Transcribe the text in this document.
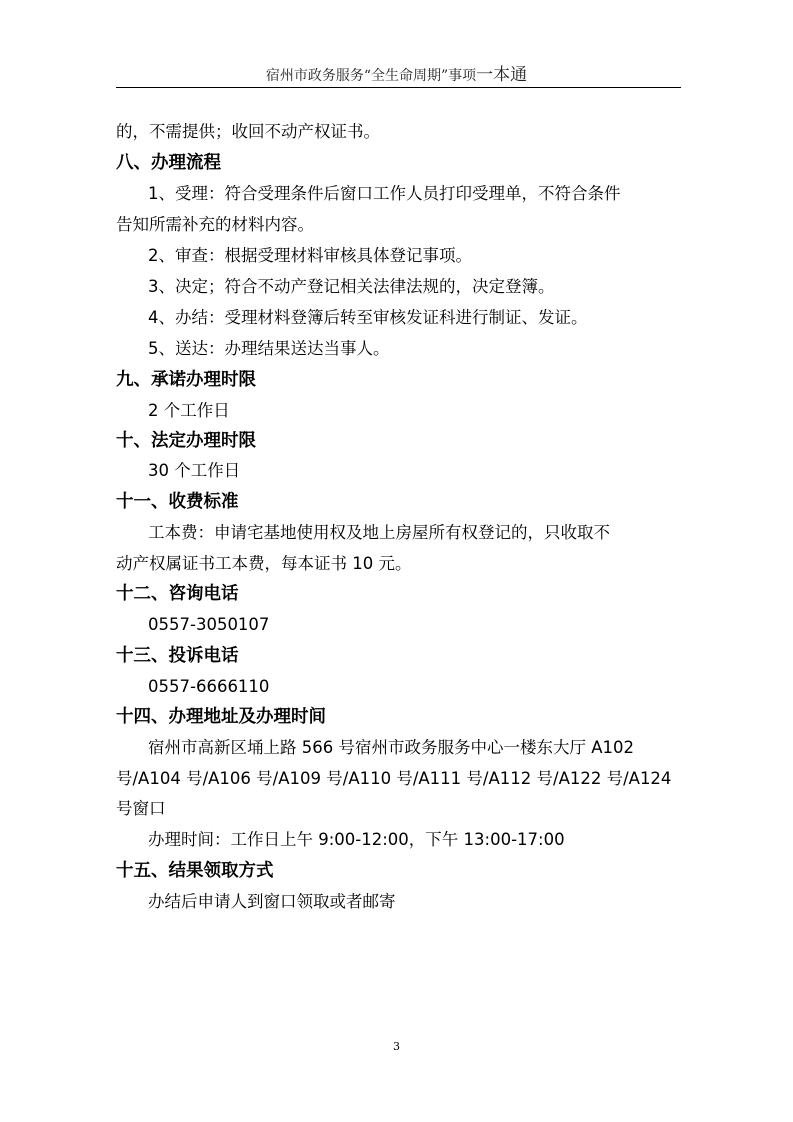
宿州市政务服务“全生命周期”事项一本通
的，不需提供；收回不动产权证书。
八、办理流程
1、受理：符合受理条件后窗口工作人员打印受理单，不符合条件
告知所需补充的材料内容。
2、审查：根据受理材料审核具体登记事项。
3、决定；符合不动产登记相关法律法规的，决定登簿。
4、办结：受理材料登簿后转至审核发证科进行制证、发证。
5、送达：办理结果送达当事人。
九、承诺办理时限
2 个工作日
十、法定办理时限
30 个工作日
十一、收费标准
工本费：申请宅基地使用权及地上房屋所有权登记的，只收取不
动产权属证书工本费，每本证书 10 元。
十二、咨询电话
0557-3050107
十三、投诉电话
0557-6666110
十四、办理地址及办理时间
宿州市高新区埇上路 566 号宿州市政务服务中心一楼东大厅 A102
号/A104 号/A106 号/A109 号/A110 号/A111 号/A112 号/A122 号/A124
号窗口
办理时间：工作日上午 9:00-12:00，下午 13:00-17:00
十五、结果领取方式
办结后申请人到窗口领取或者邮寄
3
